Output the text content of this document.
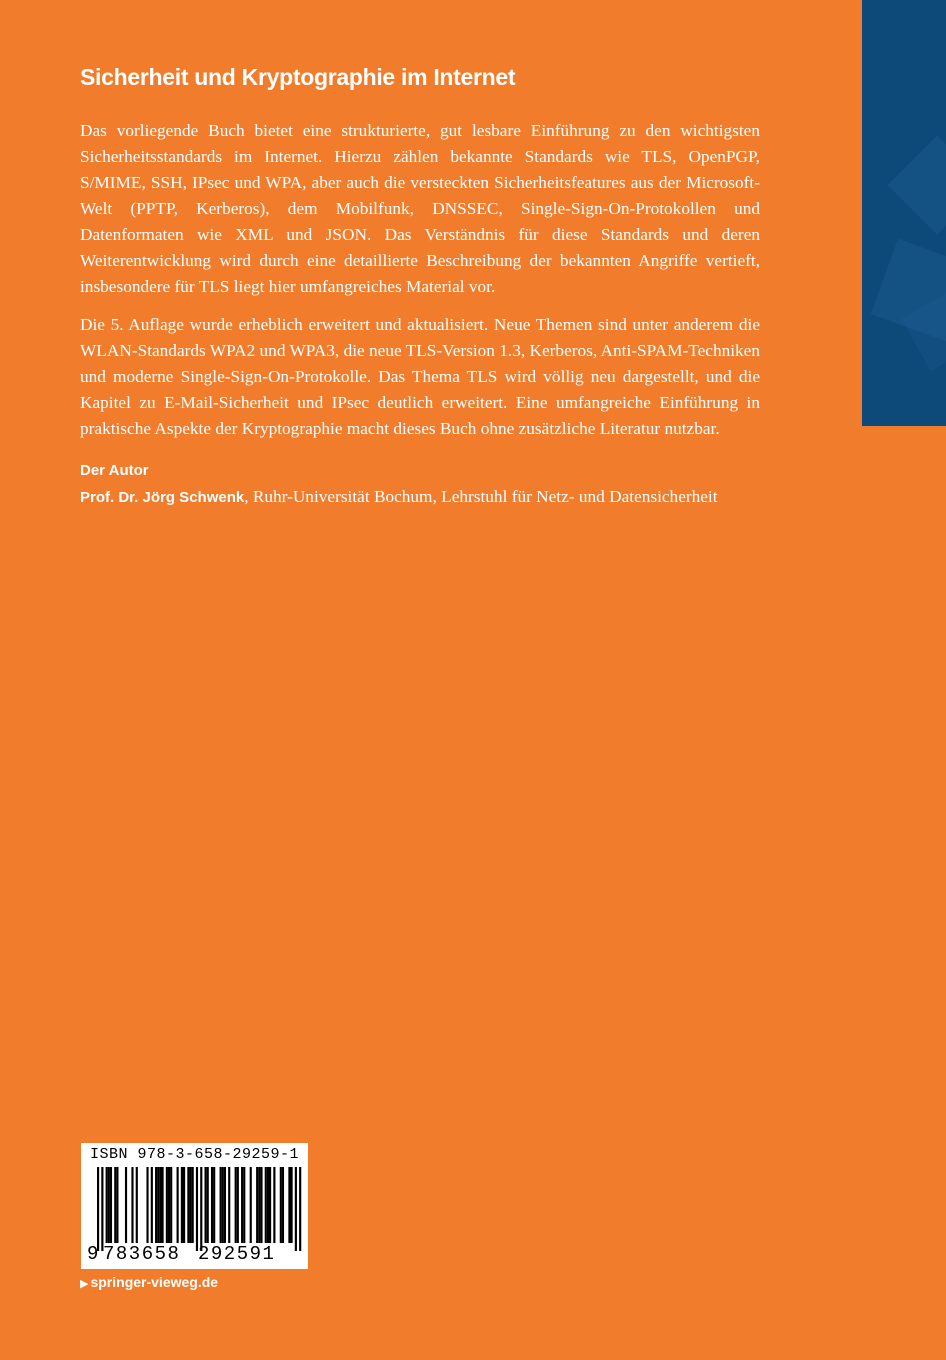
Sicherheit und Kryptographie im Internet

Das vorliegende Buch bietet eine strukturierte, gut lesbare Einführung zu den wichtigsten Sicherheitsstandards im Internet. Hierzu zählen bekannte Standards wie TLS, OpenPGP, S/MIME, SSH, IPsec und WPA, aber auch die versteckten Sicherheitsfeatures aus der Microsoft-Welt (PPTP, Kerberos), dem Mobilfunk, DNSSEC, Single-Sign-On-Protokollen und Datenformaten wie XML und JSON. Das Verständnis für diese Standards und deren Weiterentwicklung wird durch eine detaillierte Beschreibung der bekannten Angriffe vertieft, insbesondere für TLS liegt hier umfangreiches Material vor.

Die 5. Auflage wurde erheblich erweitert und aktualisiert. Neue Themen sind unter anderem die WLAN-Standards WPA2 und WPA3, die neue TLS-Version 1.3, Kerberos, Anti-SPAM-Techniken und moderne Single-Sign-On-Protokolle. Das Thema TLS wird völlig neu dargestellt, und die Kapitel zu E-Mail-Sicherheit und IPsec deutlich erweitert. Eine umfangreiche Einführung in praktische Aspekte der Kryptographie macht dieses Buch ohne zusätzliche Literatur nutzbar.

Der Autor

Prof. Dr. Jörg Schwenk, Ruhr-Universität Bochum, Lehrstuhl für Netz- und Datensicherheit

ISBN 978-3-658-29259-1
9 783658 292591
▶ springer-vieweg.de
